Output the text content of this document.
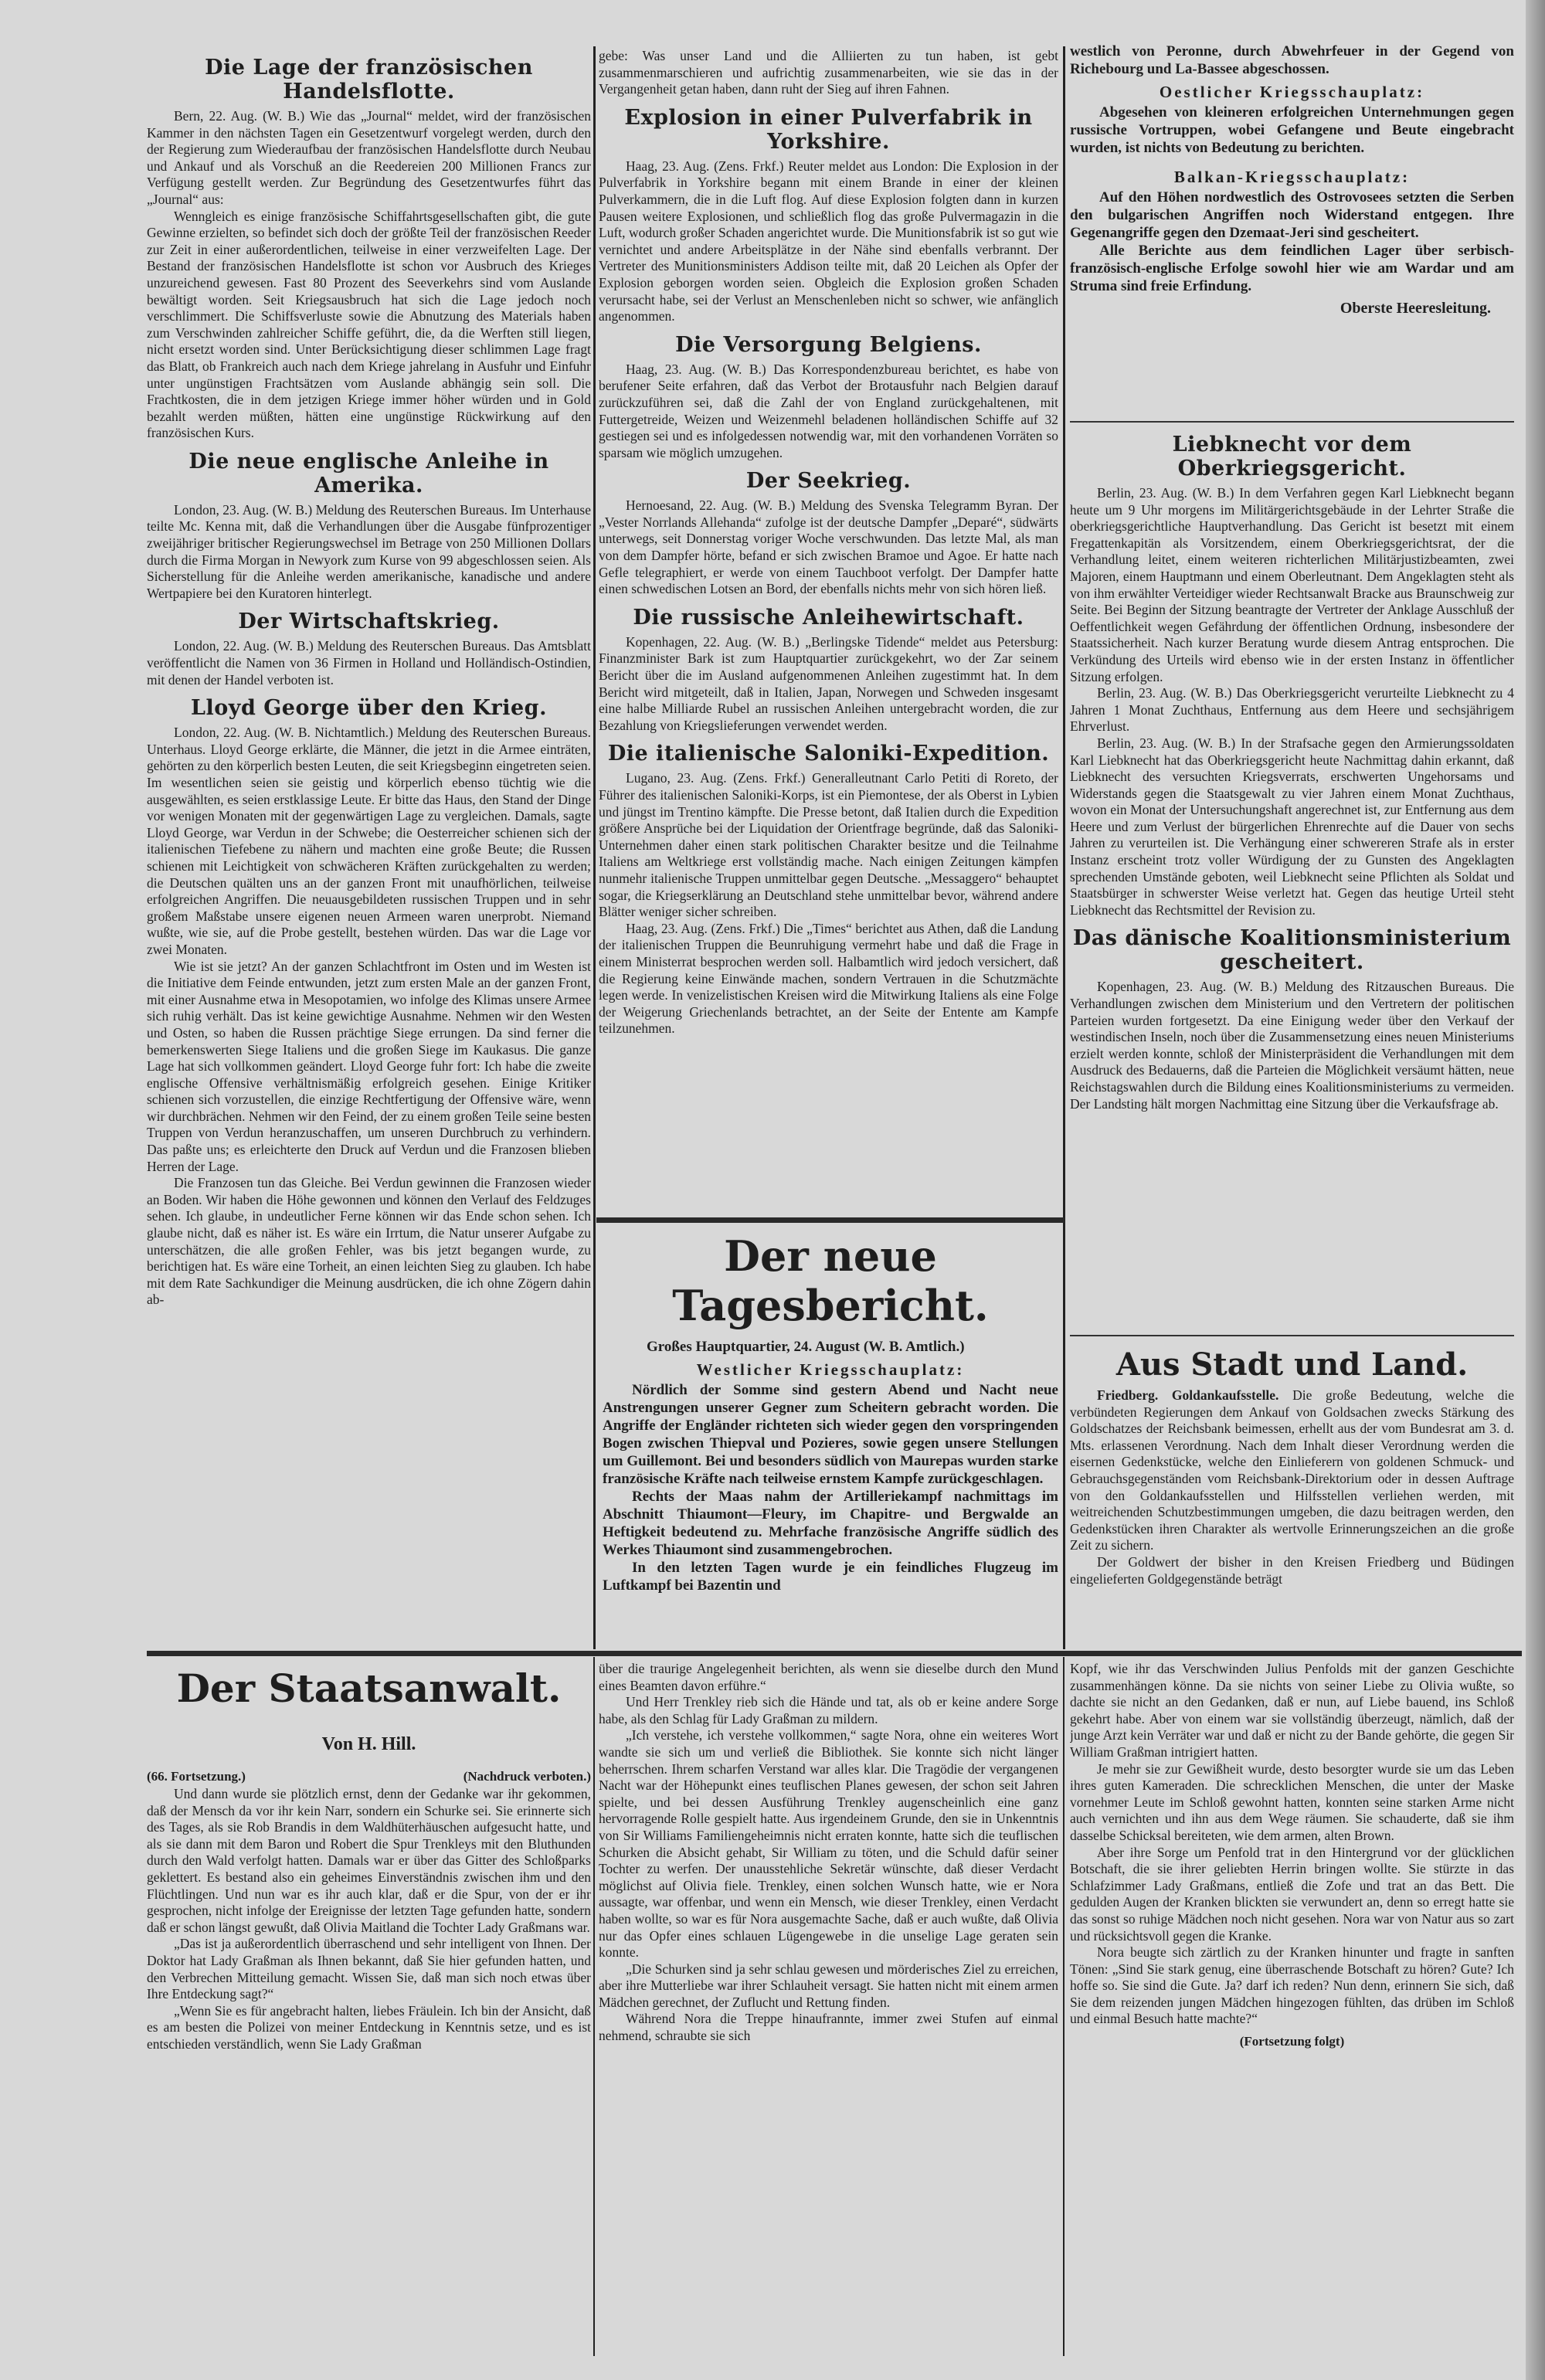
Die Lage der französischen Handelsflotte.

Bern, 22. Aug. (W. B.) Wie das „Journal“ meldet, wird der französischen Kammer in den nächsten Tagen ein Gesetzentwurf vorgelegt werden, durch den der Regierung zum Wiederaufbau der französischen Handelsflotte durch Neubau und Ankauf und als Vorschuß an die Reedereien 200 Millionen Francs zur Verfügung gestellt werden. Zur Begründung des Gesetzentwurfes führt das „Journal“ aus:

Wenngleich es einige französische Schiffahrtsgesellschaften gibt, die gute Gewinne erzielten, so befindet sich doch der größte Teil der französischen Reeder zur Zeit in einer außerordentlichen, teilweise in einer verzweifelten Lage. Der Bestand der französischen Handelsflotte ist schon vor Ausbruch des Krieges unzureichend gewesen. Fast 80 Prozent des Seeverkehrs sind vom Auslande bewältigt worden. Seit Kriegsausbruch hat sich die Lage jedoch noch verschlimmert. Die Schiffsverluste sowie die Abnutzung des Materials haben zum Verschwinden zahlreicher Schiffe geführt, die, da die Werften still liegen, nicht ersetzt worden sind. Unter Berücksichtigung dieser schlimmen Lage fragt das Blatt, ob Frankreich auch nach dem Kriege jahrelang in Ausfuhr und Einfuhr unter ungünstigen Frachtsätzen vom Auslande abhängig sein soll. Die Frachtkosten, die in dem jetzigen Kriege immer höher würden und in Gold bezahlt werden müßten, hätten eine ungünstige Rückwirkung auf den französischen Kurs.

Die neue englische Anleihe in Amerika.

London, 23. Aug. (W. B.) Meldung des Reuterschen Bureaus. Im Unterhause teilte Mc. Kenna mit, daß die Verhandlungen über die Ausgabe fünfprozentiger zweijähriger britischer Regierungswechsel im Betrage von 250 Millionen Dollars durch die Firma Morgan in Newyork zum Kurse von 99 abgeschlossen seien. Als Sicherstellung für die Anleihe werden amerikanische, kanadische und andere Wertpapiere bei den Kuratoren hinterlegt.

Der Wirtschaftskrieg.

London, 22. Aug. (W. B.) Meldung des Reuterschen Bureaus. Das Amtsblatt veröffentlicht die Namen von 36 Firmen in Holland und Holländisch-Ostindien, mit denen der Handel verboten ist.

Lloyd George über den Krieg.

London, 22. Aug. (W. B. Nichtamtlich.) Meldung des Reuterschen Bureaus. Unterhaus. Lloyd George erklärte, die Männer, die jetzt in die Armee einträten, gehörten zu den körperlich besten Leuten, die seit Kriegsbeginn eingetreten seien. Im wesentlichen seien sie geistig und körperlich ebenso tüchtig wie die ausgewählten, es seien erstklassige Leute. Er bitte das Haus, den Stand der Dinge vor wenigen Monaten mit der gegenwärtigen Lage zu vergleichen. Damals, sagte Lloyd George, war Verdun in der Schwebe; die Oesterreicher schienen sich der italienischen Tiefebene zu nähern und machten eine große Beute; die Russen schienen mit Leichtigkeit von schwächeren Kräften zurückgehalten zu werden; die Deutschen quälten uns an der ganzen Front mit unaufhörlichen, teilweise erfolgreichen Angriffen. Die neuausgebildeten russischen Truppen und in sehr großem Maßstabe unsere eigenen neuen Armeen waren unerprobt. Niemand wußte, wie sie, auf die Probe gestellt, bestehen würden. Das war die Lage vor zwei Monaten.

Wie ist sie jetzt? An der ganzen Schlachtfront im Osten und im Westen ist die Initiative dem Feinde entwunden, jetzt zum ersten Male an der ganzen Front, mit einer Ausnahme etwa in Mesopotamien, wo infolge des Klimas unsere Armee sich ruhig verhält. Das ist keine gewichtige Ausnahme. Nehmen wir den Westen und Osten, so haben die Russen prächtige Siege errungen. Da sind ferner die bemerkenswerten Siege Italiens und die großen Siege im Kaukasus. Die ganze Lage hat sich vollkommen geändert. Lloyd George fuhr fort: Ich habe die zweite englische Offensive verhältnismäßig erfolgreich gesehen. Einige Kritiker schienen sich vorzustellen, die einzige Rechtfertigung der Offensive wäre, wenn wir durchbrächen. Nehmen wir den Feind, der zu einem großen Teile seine besten Truppen von Verdun heranzuschaffen, um unseren Durchbruch zu verhindern. Das paßte uns; es erleichterte den Druck auf Verdun und die Franzosen blieben Herren der Lage.

Die Franzosen tun das Gleiche. Bei Verdun gewinnen die Franzosen wieder an Boden. Wir haben die Höhe gewonnen und können den Verlauf des Feldzuges sehen. Ich glaube, in undeutlicher Ferne können wir das Ende schon sehen. Ich glaube nicht, daß es näher ist. Es wäre ein Irrtum, die Natur unserer Aufgabe zu unterschätzen, die alle großen Fehler, was bis jetzt begangen wurde, zu berichtigen hat. Es wäre eine Torheit, an einen leichten Sieg zu glauben. Ich habe mit dem Rate Sachkundiger die Meinung ausdrücken, die ich ohne Zögern dahin ab-

gebe: Was unser Land und die Alliierten zu tun haben, ist gebt zusammenmarschieren und aufrichtig zusammenarbeiten, wie sie das in der Vergangenheit getan haben, dann ruht der Sieg auf ihren Fahnen.

Explosion in einer Pulverfabrik in Yorkshire.

Haag, 23. Aug. (Zens. Frkf.) Reuter meldet aus London: Die Explosion in der Pulverfabrik in Yorkshire begann mit einem Brande in einer der kleinen Pulverkammern, die in die Luft flog. Auf diese Explosion folgten dann in kurzen Pausen weitere Explosionen, und schließlich flog das große Pulvermagazin in die Luft, wodurch großer Schaden angerichtet wurde. Die Munitionsfabrik ist so gut wie vernichtet und andere Arbeitsplätze in der Nähe sind ebenfalls verbrannt. Der Vertreter des Munitionsministers Addison teilte mit, daß 20 Leichen als Opfer der Explosion geborgen worden seien. Obgleich die Explosion großen Schaden verursacht habe, sei der Verlust an Menschenleben nicht so schwer, wie anfänglich angenommen.

Die Versorgung Belgiens.

Haag, 23. Aug. (W. B.) Das Korrespondenzbureau berichtet, es habe von berufener Seite erfahren, daß das Verbot der Brotausfuhr nach Belgien darauf zurückzuführen sei, daß die Zahl der von England zurückgehaltenen, mit Futtergetreide, Weizen und Weizenmehl beladenen holländischen Schiffe auf 32 gestiegen sei und es infolgedessen notwendig war, mit den vorhandenen Vorräten so sparsam wie möglich umzugehen.

Der Seekrieg.

Hernoesand, 22. Aug. (W. B.) Meldung des Svenska Telegramm Byran. Der „Vester Norrlands Allehanda“ zufolge ist der deutsche Dampfer „Deparé“, südwärts unterwegs, seit Donnerstag voriger Woche verschwunden. Das letzte Mal, als man von dem Dampfer hörte, befand er sich zwischen Bramoe und Agoe. Er hatte nach Gefle telegraphiert, er werde von einem Tauchboot verfolgt. Der Dampfer hatte einen schwedischen Lotsen an Bord, der ebenfalls nichts mehr von sich hören ließ.

Die russische Anleihewirtschaft.

Kopenhagen, 22. Aug. (W. B.) „Berlingske Tidende“ meldet aus Petersburg: Finanzminister Bark ist zum Hauptquartier zurückgekehrt, wo der Zar seinem Bericht über die im Ausland aufgenommenen Anleihen zugestimmt hat. In dem Bericht wird mitgeteilt, daß in Italien, Japan, Norwegen und Schweden insgesamt eine halbe Milliarde Rubel an russischen Anleihen untergebracht worden, die zur Bezahlung von Kriegslieferungen verwendet werden.

Die italienische Saloniki-Expedition.

Lugano, 23. Aug. (Zens. Frkf.) Generalleutnant Carlo Petiti di Roreto, der Führer des italienischen Saloniki-Korps, ist ein Piemontese, der als Oberst in Lybien und jüngst im Trentino kämpfte. Die Presse betont, daß Italien durch die Expedition größere Ansprüche bei der Liquidation der Orientfrage begründe, daß das Saloniki-Unternehmen daher einen stark politischen Charakter besitze und die Teilnahme Italiens am Weltkriege erst vollständig mache. Nach einigen Zeitungen kämpfen nunmehr italienische Truppen unmittelbar gegen Deutsche. „Messaggero“ behauptet sogar, die Kriegserklärung an Deutschland stehe unmittelbar bevor, während andere Blätter weniger sicher schreiben.

Haag, 23. Aug. (Zens. Frkf.) Die „Times“ berichtet aus Athen, daß die Landung der italienischen Truppen die Beunruhigung vermehrt habe und daß die Frage in einem Ministerrat besprochen werden soll. Halbamtlich wird jedoch versichert, daß die Regierung keine Einwände machen, sondern Vertrauen in die Schutzmächte legen werde. In venizelistischen Kreisen wird die Mitwirkung Italiens als eine Folge der Weigerung Griechenlands betrachtet, an der Seite der Entente am Kampfe teilzunehmen.

Der neue Tagesbericht.

Großes Hauptquartier, 24. August (W. B. Amtlich.)

Westlicher Kriegsschauplatz:

Nördlich der Somme sind gestern Abend und Nacht neue Anstrengungen unserer Gegner zum Scheitern gebracht worden. Die Angriffe der Engländer richteten sich wieder gegen den vorspringenden Bogen zwischen Thiepval und Pozieres, sowie gegen unsere Stellungen um Guillemont. Bei und besonders südlich von Maurepas wurden starke französische Kräfte nach teilweise ernstem Kampfe zurückgeschlagen.

Rechts der Maas nahm der Artilleriekampf nachmittags im Abschnitt Thiaumont—Fleury, im Chapitre- und Bergwalde an Heftigkeit bedeutend zu. Mehrfache französische Angriffe südlich des Werkes Thiaumont sind zusammengebrochen.

In den letzten Tagen wurde je ein feindliches Flugzeug im Luftkampf bei Bazentin und

westlich von Peronne, durch Abwehrfeuer in der Gegend von Richebourg und La-Bassee abgeschossen.

Oestlicher Kriegsschauplatz:

Abgesehen von kleineren erfolgreichen Unternehmungen gegen russische Vortruppen, wobei Gefangene und Beute eingebracht wurden, ist nichts von Bedeutung zu berichten.

Balkan-Kriegsschauplatz:

Auf den Höhen nordwestlich des Ostrovosees setzten die Serben den bulgarischen Angriffen noch Widerstand entgegen. Ihre Gegenangriffe gegen den Dzemaat-Jeri sind gescheitert.

Alle Berichte aus dem feindlichen Lager über serbisch-französisch-englische Erfolge sowohl hier wie am Wardar und am Struma sind freie Erfindung.

Oberste Heeresleitung.
Liebknecht vor dem Oberkriegsgericht.

Berlin, 23. Aug. (W. B.) In dem Verfahren gegen Karl Liebknecht begann heute um 9 Uhr morgens im Militärgerichtsgebäude in der Lehrter Straße die oberkriegsgerichtliche Hauptverhandlung. Das Gericht ist besetzt mit einem Fregattenkapitän als Vorsitzendem, einem Oberkriegsgerichtsrat, der die Verhandlung leitet, einem weiteren richterlichen Militärjustizbeamten, zwei Majoren, einem Hauptmann und einem Oberleutnant. Dem Angeklagten steht als von ihm erwählter Verteidiger wieder Rechtsanwalt Bracke aus Braunschweig zur Seite. Bei Beginn der Sitzung beantragte der Vertreter der Anklage Ausschluß der Oeffentlichkeit wegen Gefährdung der öffentlichen Ordnung, insbesondere der Staatssicherheit. Nach kurzer Beratung wurde diesem Antrag entsprochen. Die Verkündung des Urteils wird ebenso wie in der ersten Instanz in öffentlicher Sitzung erfolgen.

Berlin, 23. Aug. (W. B.) Das Oberkriegsgericht verurteilte Liebknecht zu 4 Jahren 1 Monat Zuchthaus, Entfernung aus dem Heere und sechsjährigem Ehrverlust.

Berlin, 23. Aug. (W. B.) In der Strafsache gegen den Armierungssoldaten Karl Liebknecht hat das Oberkriegsgericht heute Nachmittag dahin erkannt, daß Liebknecht des versuchten Kriegsverrats, erschwerten Ungehorsams und Widerstands gegen die Staatsgewalt zu vier Jahren einem Monat Zuchthaus, wovon ein Monat der Untersuchungshaft angerechnet ist, zur Entfernung aus dem Heere und zum Verlust der bürgerlichen Ehrenrechte auf die Dauer von sechs Jahren zu verurteilen ist. Die Verhängung einer schwereren Strafe als in erster Instanz erscheint trotz voller Würdigung der zu Gunsten des Angeklagten sprechenden Umstände geboten, weil Liebknecht seine Pflichten als Soldat und Staatsbürger in schwerster Weise verletzt hat. Gegen das heutige Urteil steht Liebknecht das Rechtsmittel der Revision zu.

Das dänische Koalitionsministerium gescheitert.

Kopenhagen, 23. Aug. (W. B.) Meldung des Ritzauschen Bureaus. Die Verhandlungen zwischen dem Ministerium und den Vertretern der politischen Parteien wurden fortgesetzt. Da eine Einigung weder über den Verkauf der westindischen Inseln, noch über die Zusammensetzung eines neuen Ministeriums erzielt werden konnte, schloß der Ministerpräsident die Verhandlungen mit dem Ausdruck des Bedauerns, daß die Parteien die Möglichkeit versäumt hätten, neue Reichstagswahlen durch die Bildung eines Koalitionsministeriums zu vermeiden. Der Landsting hält morgen Nachmittag eine Sitzung über die Verkaufsfrage ab.

Aus Stadt und Land.

Friedberg. Goldankaufsstelle. Die große Bedeutung, welche die verbündeten Regierungen dem Ankauf von Goldsachen zwecks Stärkung des Goldschatzes der Reichsbank beimessen, erhellt aus der vom Bundesrat am 3. d. Mts. erlassenen Verordnung. Nach dem Inhalt dieser Verordnung werden die eisernen Gedenkstücke, welche den Einlieferern von goldenen Schmuck- und Gebrauchsgegenständen vom Reichsbank-Direktorium oder in dessen Auftrage von den Goldankaufsstellen und Hilfsstellen verliehen werden, mit weitreichenden Schutzbestimmungen umgeben, die dazu beitragen werden, den Gedenkstücken ihren Charakter als wertvolle Erinnerungszeichen an die große Zeit zu sichern.

Der Goldwert der bisher in den Kreisen Friedberg und Büdingen eingelieferten Goldgegenstände beträgt

Der Staatsanwalt.
Von H. Hill.
(66. Fortsetzung.)	(Nachdruck verboten.)

Und dann wurde sie plötzlich ernst, denn der Gedanke war ihr gekommen, daß der Mensch da vor ihr kein Narr, sondern ein Schurke sei. Sie erinnerte sich des Tages, als sie Rob Brandis in dem Waldhüterhäuschen aufgesucht hatte, und als sie dann mit dem Baron und Robert die Spur Trenkleys mit den Bluthunden durch den Wald verfolgt hatten. Damals war er über das Gitter des Schloßparks geklettert. Es bestand also ein geheimes Einverständnis zwischen ihm und den Flüchtlingen. Und nun war es ihr auch klar, daß er die Spur, von der er ihr gesprochen, nicht infolge der Ereignisse der letzten Tage gefunden hatte, sondern daß er schon längst gewußt, daß Olivia Maitland die Tochter Lady Graßmans war.

„Das ist ja außerordentlich überraschend und sehr intelligent von Ihnen. Der Doktor hat Lady Graßman als Ihnen bekannt, daß Sie hier gefunden hatten, und den Verbrechen Mitteilung gemacht. Wissen Sie, daß man sich noch etwas über Ihre Entdeckung sagt?“

„Wenn Sie es für angebracht halten, liebes Fräulein. Ich bin der Ansicht, daß es am besten die Polizei von meiner Entdeckung in Kenntnis setze, und es ist entschieden verständlich, wenn Sie Lady Graßman

über die traurige Angelegenheit berichten, als wenn sie dieselbe durch den Mund eines Beamten davon erführe.“

Und Herr Trenkley rieb sich die Hände und tat, als ob er keine andere Sorge habe, als den Schlag für Lady Graßman zu mildern.

„Ich verstehe, ich verstehe vollkommen,“ sagte Nora, ohne ein weiteres Wort wandte sie sich um und verließ die Bibliothek. Sie konnte sich nicht länger beherrschen. Ihrem scharfen Verstand war alles klar. Die Tragödie der vergangenen Nacht war der Höhepunkt eines teuflischen Planes gewesen, der schon seit Jahren spielte, und bei dessen Ausführung Trenkley augenscheinlich eine ganz hervorragende Rolle gespielt hatte. Aus irgendeinem Grunde, den sie in Unkenntnis von Sir Williams Familiengeheimnis nicht erraten konnte, hatte sich die teuflischen Schurken die Absicht gehabt, Sir William zu töten, und die Schuld dafür seiner Tochter zu werfen. Der unausstehliche Sekretär wünschte, daß dieser Verdacht möglichst auf Olivia fiele. Trenkley, einen solchen Wunsch hatte, wie er Nora aussagte, war offenbar, und wenn ein Mensch, wie dieser Trenkley, einen Verdacht haben wollte, so war es für Nora ausgemachte Sache, daß er auch wußte, daß Olivia nur das Opfer eines schlauen Lügengewebe in die unselige Lage geraten sein konnte.

„Die Schurken sind ja sehr schlau gewesen und mörderisches Ziel zu erreichen, aber ihre Mutterliebe war ihrer Schlauheit versagt. Sie hatten nicht mit einem armen Mädchen gerechnet, der Zuflucht und Rettung finden.

Während Nora die Treppe hinaufrannte, immer zwei Stufen auf einmal nehmend, schraubte sie sich

Kopf, wie ihr das Verschwinden Julius Penfolds mit der ganzen Geschichte zusammenhängen könne. Da sie nichts von seiner Liebe zu Olivia wußte, so dachte sie nicht an den Gedanken, daß er nun, auf Liebe bauend, ins Schloß gekehrt habe. Aber von einem war sie vollständig überzeugt, nämlich, daß der junge Arzt kein Verräter war und daß er nicht zu der Bande gehörte, die gegen Sir William Graßman intrigiert hatten.

Je mehr sie zur Gewißheit wurde, desto besorgter wurde sie um das Leben ihres guten Kameraden. Die schrecklichen Menschen, die unter der Maske vornehmer Leute im Schloß gewohnt hatten, konnten seine starken Arme nicht auch vernichten und ihn aus dem Wege räumen. Sie schauderte, daß sie ihm dasselbe Schicksal bereiteten, wie dem armen, alten Brown.

Aber ihre Sorge um Penfold trat in den Hintergrund vor der glücklichen Botschaft, die sie ihrer geliebten Herrin bringen wollte. Sie stürzte in das Schlafzimmer Lady Graßmans, entließ die Zofe und trat an das Bett. Die gedulden Augen der Kranken blickten sie verwundert an, denn so erregt hatte sie das sonst so ruhige Mädchen noch nicht gesehen. Nora war von Natur aus so zart und rücksichtsvoll gegen die Kranke.

Nora beugte sich zärtlich zu der Kranken hinunter und fragte in sanften Tönen: „Sind Sie stark genug, eine überraschende Botschaft zu hören? Gute? Ich hoffe so. Sie sind die Gute. Ja? darf ich reden? Nun denn, erinnern Sie sich, daß Sie dem reizenden jungen Mädchen hingezogen fühlten, das drüben im Schloß und einmal Besuch hatte machte?“

(Fortsetzung folgt)
